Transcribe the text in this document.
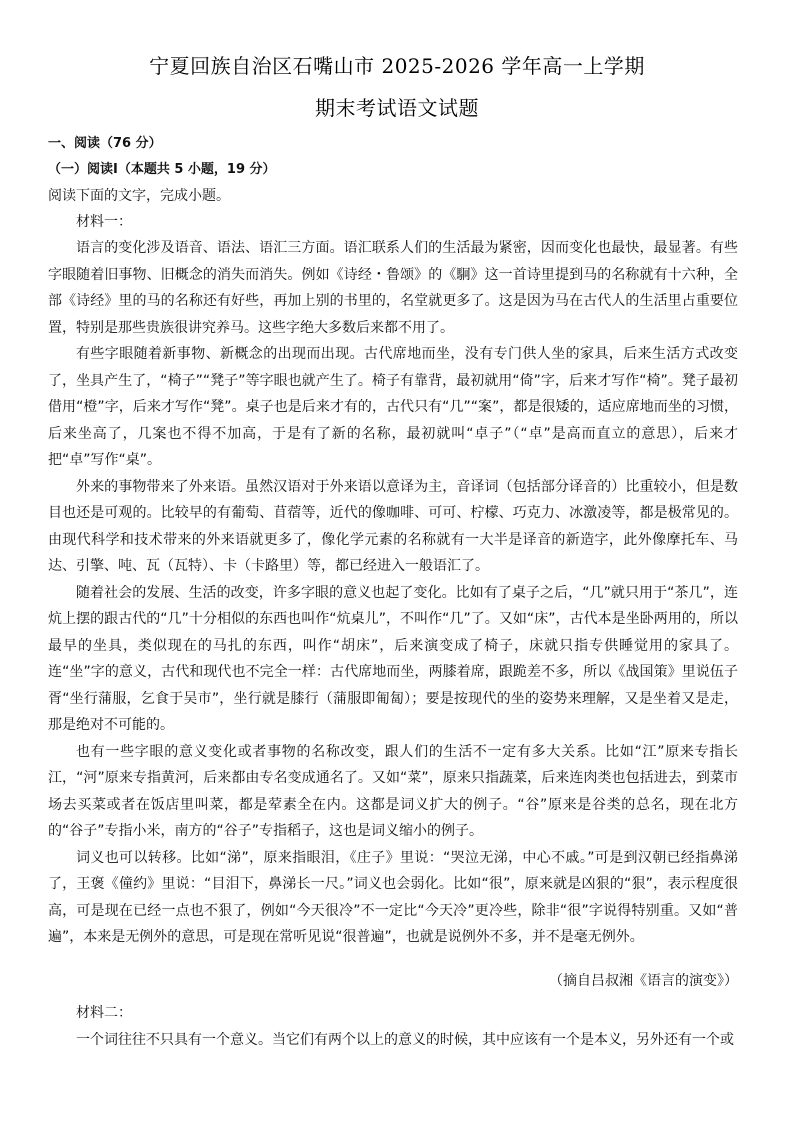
宁夏回族自治区石嘴山市 2025-2026 学年高一上学期
期末考试语文试题
一、阅读（76 分）
（一）阅读Ⅰ（本题共 5 小题，19 分）
阅读下面的文字，完成小题。
材料一：

语言的变化涉及语音、语法、语汇三方面。语汇联系人们的生活最为紧密，因而变化也最快，最显著。有些字眼随着旧事物、旧概念的消失而消失。例如《诗经・鲁颂》的《駉》这一首诗里提到马的名称就有十六种，全部《诗经》里的马的名称还有好些，再加上别的书里的，名堂就更多了。这是因为马在古代人的生活里占重要位置，特别是那些贵族很讲究养马。这些字绝大多数后来都不用了。

有些字眼随着新事物、新概念的出现而出现。古代席地而坐，没有专门供人坐的家具，后来生活方式改变了，坐具产生了，“椅子”“凳子”等字眼也就产生了。椅子有靠背，最初就用“倚”字，后来才写作“椅”。凳子最初借用“橙”字，后来才写作“凳”。桌子也是后来才有的，古代只有“几”“案”，都是很矮的，适应席地而坐的习惯，后来坐高了，几案也不得不加高，于是有了新的名称，最初就叫“卓子”（“卓”是高而直立的意思），后来才把“卓”写作“桌”。

外来的事物带来了外来语。虽然汉语对于外来语以意译为主，音译词（包括部分译音的）比重较小，但是数目也还是可观的。比较早的有葡萄、苜蓿等，近代的像咖啡、可可、柠檬、巧克力、冰激凌等，都是极常见的。由现代科学和技术带来的外来语就更多了，像化学元素的名称就有一大半是译音的新造字，此外像摩托车、马达、引擎、吨、瓦（瓦特）、卡（卡路里）等，都已经进入一般语汇了。

随着社会的发展、生活的改变，许多字眼的意义也起了变化。比如有了桌子之后，“几”就只用于“茶几”，连炕上摆的跟古代的“几”十分相似的东西也叫作“炕桌儿”，不叫作“几”了。又如“床”，古代本是坐卧两用的，所以最早的坐具，类似现在的马扎的东西，叫作“胡床”，后来演变成了椅子，床就只指专供睡觉用的家具了。连“坐”字的意义，古代和现代也不完全一样：古代席地而坐，两膝着席，跟跪差不多，所以《战国策》里说伍子胥“坐行蒲服，乞食于吴市”，坐行就是膝行（蒲服即匍匐）；要是按现代的坐的姿势来理解，又是坐着又是走，那是绝对不可能的。

也有一些字眼的意义变化或者事物的名称改变，跟人们的生活不一定有多大关系。比如“江”原来专指长江，“河”原来专指黄河，后来都由专名变成通名了。又如“菜”，原来只指蔬菜，后来连肉类也包括进去，到菜市场去买菜或者在饭店里叫菜，都是荤素全在内。这都是词义扩大的例子。“谷”原来是谷类的总名，现在北方的“谷子”专指小米，南方的“谷子”专指稻子，这也是词义缩小的例子。

词义也可以转移。比如“涕”，原来指眼泪，《庄子》里说：“哭泣无涕，中心不戚。”可是到汉朝已经指鼻涕了，王褒《僮约》里说：“目泪下，鼻涕长一尺。”词义也会弱化。比如“很”，原来就是凶狠的“狠”，表示程度很高，可是现在已经一点也不狠了，例如“今天很冷”不一定比“今天冷”更冷些，除非“很”字说得特别重。又如“普遍”，本来是无例外的意思，可是现在常听见说“很普遍”，也就是说例外不多，并不是毫无例外。

（摘自吕叔湘《语言的演变》）
材料二：
一个词往往不只具有一个意义。当它们有两个以上的意义的时候，其中应该有一个是本义，另外还有一个或
